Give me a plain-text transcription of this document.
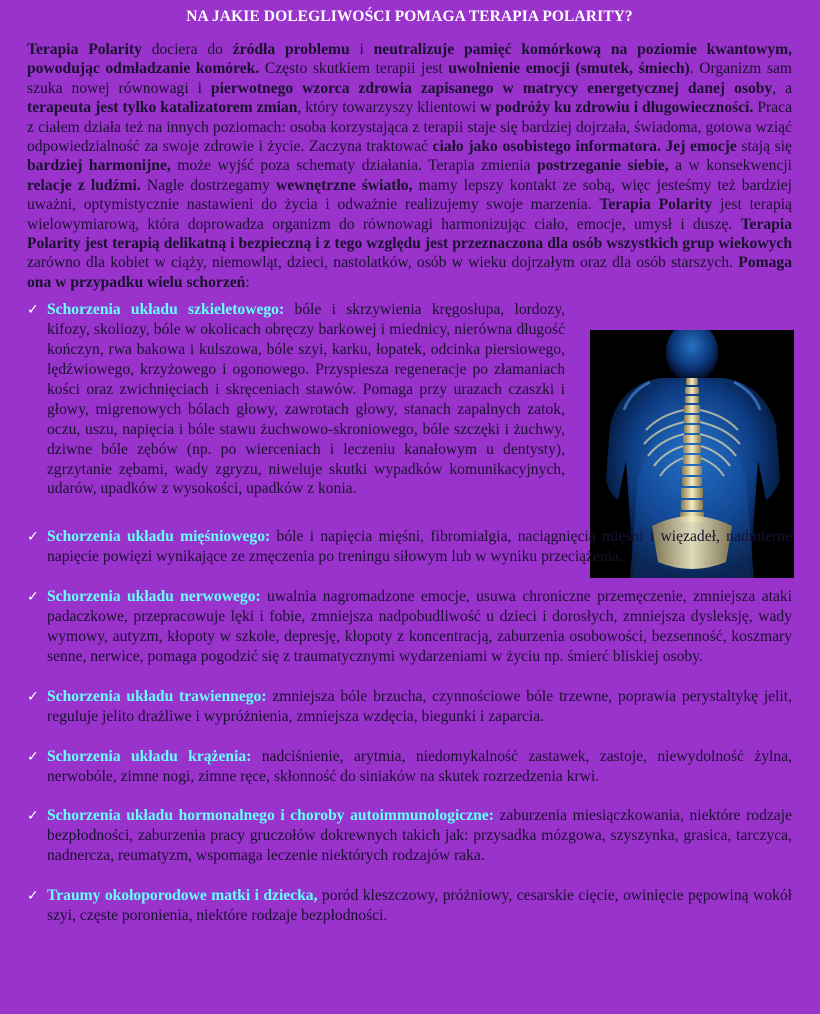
NA JAKIE DOLEGLIWOŚCI POMAGA TERAPIA POLARITY?

Terapia Polarity dociera do źródła problemu i neutralizuje pamięć komórkową na poziomie kwantowym, powodując odmładzanie komórek. Często skutkiem terapii jest uwolnienie emocji (smutek, śmiech). Organizm sam szuka nowej równowagi i pierwotnego wzorca zdrowia zapisanego w matrycy energetycznej danej osoby, a terapeuta jest tylko katalizatorem zmian, który towarzyszy klientowi w podróży ku zdrowiu i długowieczności. Praca z ciałem działa też na innych poziomach: osoba korzystająca z terapii staje się bardziej dojrzała, świadoma, gotowa wziąć odpowiedzialność za swoje zdrowie i życie. Zaczyna traktować ciało jako osobistego informatora. Jej emocje stają się bardziej harmonijne, może wyjść poza schematy działania. Terapia zmienia postrzeganie siebie, a w konsekwencji relacje z ludźmi. Nagle dostrzegamy wewnętrzne światło, mamy lepszy kontakt ze sobą, więc jesteśmy też bardziej uważni, optymistycznie nastawieni do życia i odważnie realizujemy swoje marzenia. Terapia Polarity jest terapią wielowymiarową, która doprowadza organizm do równowagi harmonizując ciało, emocje, umysł i duszę. Terapia Polarity jest terapią delikatną i bezpieczną i z tego względu jest przeznaczona dla osób wszystkich grup wiekowych zarówno dla kobiet w ciąży, niemowląt, dzieci, nastolatków, osób w wieku dojrzałym oraz dla osób starszych. Pomaga ona w przypadku wielu schorzeń:

✓ Schorzenia układu szkieletowego: bóle i skrzywienia kręgosłupa, lordozy, kifozy, skoliozy, bóle w okolicach obręczy barkowej i miednicy, nierówna długość kończyn, rwa bakowa i kulszowa, bóle szyi, karku, łopatek, odcinka piersiowego, lędźwiowego, krzyżowego i ogonowego. Przyspiesza regeneracje po złamaniach kości oraz zwichnięciach i skręceniach stawów. Pomaga przy urazach czaszki i głowy, migrenowych bólach głowy, zawrotach głowy, stanach zapalnych zatok, oczu, uszu, napięcia i bóle stawu żuchwowo-skroniowego, bóle szczęki i żuchwy, dziwne bóle zębów (np. po wierceniach i leczeniu kanałowym u dentysty), zgrzytanie zębami, wady zgryzu, niweluje skutki wypadków komunikacyjnych, udarów, upadków z wysokości, upadków z konia.
✓ Schorzenia układu mięśniowego: bóle i napięcia mięśni, fibromialgia, naciągnięcia mięśni i więzadeł, nadmierne napięcie powięzi wynikające ze zmęczenia po treningu siłowym lub w wyniku przeciążenia.
✓ Schorzenia układu nerwowego: uwalnia nagromadzone emocje, usuwa chroniczne przemęczenie, zmniejsza ataki padaczkowe, przepracowuje lęki i fobie, zmniejsza nadpobudliwość u dzieci i dorosłych, zmniejsza dysleksję, wady wymowy, autyzm, kłopoty w szkole, depresję, kłopoty z koncentracją, zaburzenia osobowości, bezsenność, koszmary senne, nerwice, pomaga pogodzić się z traumatycznymi wydarzeniami w życiu np. śmierć bliskiej osoby.
✓ Schorzenia układu trawiennego: zmniejsza bóle brzucha, czynnościowe bóle trzewne, poprawia perystaltykę jelit, reguluje jelito drażliwe i wypróżnienia, zmniejsza wzdęcia, biegunki i zaparcia.
✓ Schorzenia układu krążenia: nadciśnienie, arytmia, niedomykalność zastawek, zastoje, niewydolność żylna, nerwobóle, zimne nogi, zimne ręce, skłonność do siniaków na skutek rozrzedzenia krwi.
✓ Schorzenia układu hormonalnego i choroby autoimmunologiczne: zaburzenia miesiączkowania, niektóre rodzaje bezpłodności, zaburzenia pracy gruczołów dokrewnych takich jak: przysadka mózgowa, szyszynka, grasica, tarczyca, nadnercza, reumatyzm, wspomaga leczenie niektórych rodzajów raka.
✓ Traumy okołoporodowe matki i dziecka, poród kleszczowy, próżniowy, cesarskie cięcie, owinięcie pępowiną wokół szyi, częste poronienia, niektóre rodzaje bezpłodności.
